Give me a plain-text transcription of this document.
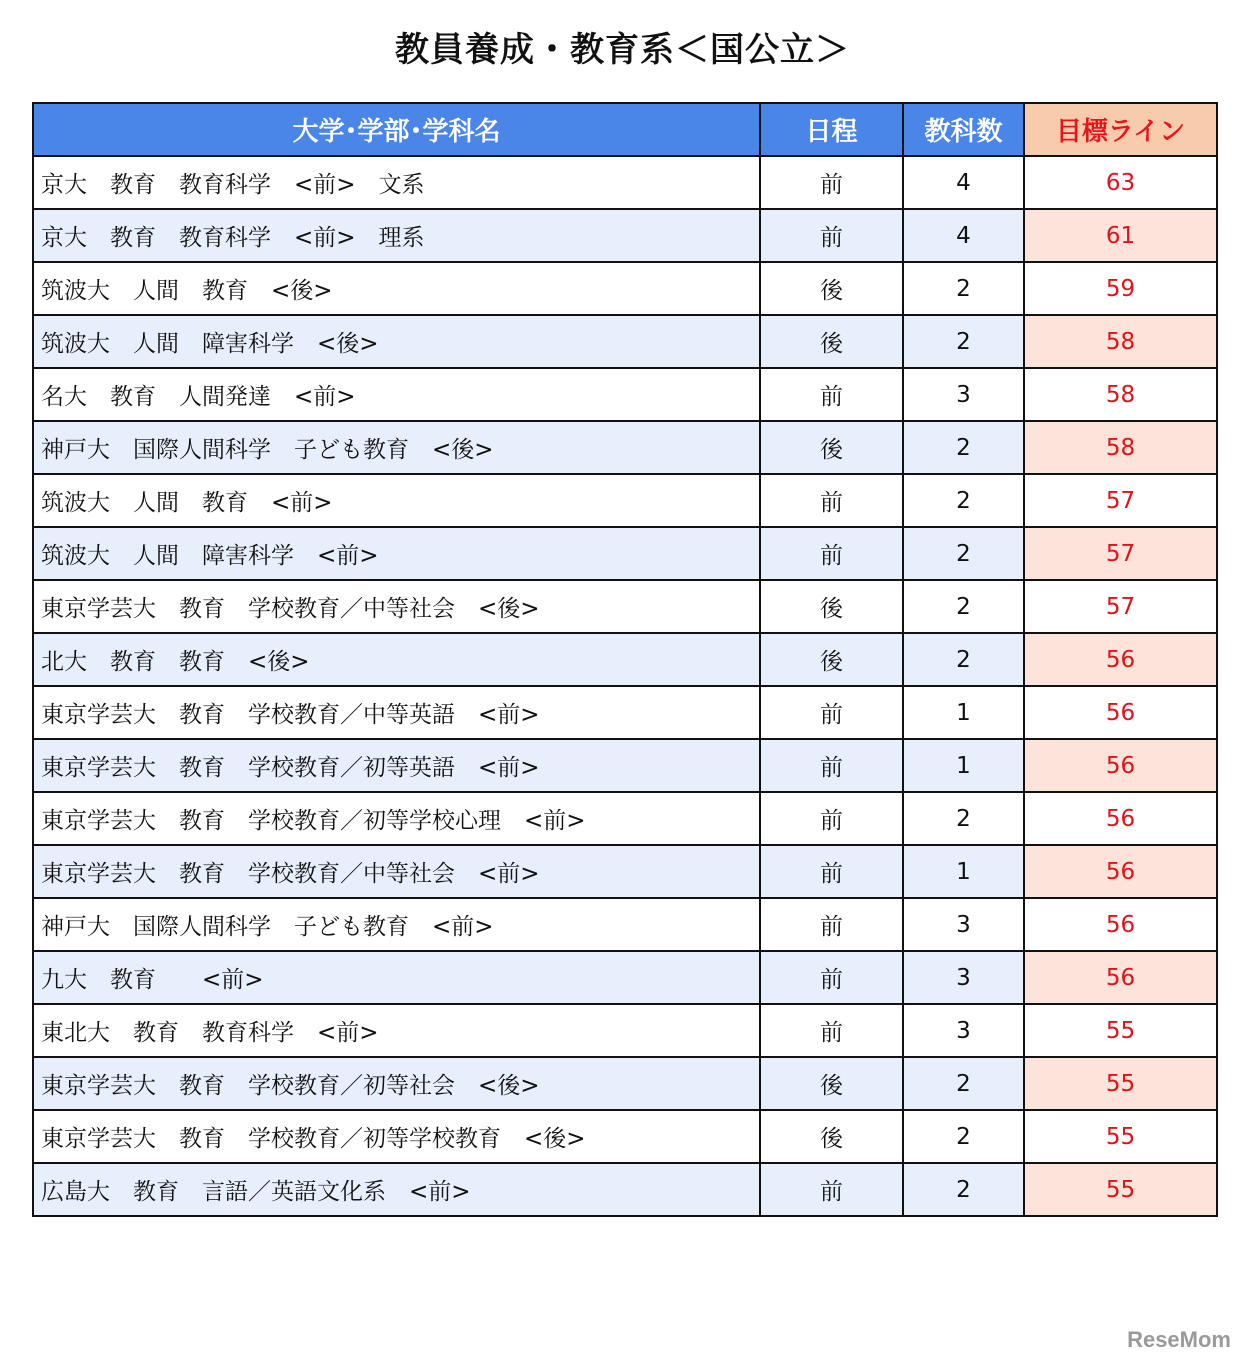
教員養成・教育系＜国公立＞
大学･学部･学科名	日程	教科数	目標ライン
京大　教育　教育科学　<前>　文系	前	4	63
京大　教育　教育科学　<前>　理系	前	4	61
筑波大　人間　教育　<後>	後	2	59
筑波大　人間　障害科学　<後>	後	2	58
名大　教育　人間発達　<前>	前	3	58
神戸大　国際人間科学　子ども教育　<後>	後	2	58
筑波大　人間　教育　<前>	前	2	57
筑波大　人間　障害科学　<前>	前	2	57
東京学芸大　教育　学校教育／中等社会　<後>	後	2	57
北大　教育　教育　<後>	後	2	56
東京学芸大　教育　学校教育／中等英語　<前>	前	1	56
東京学芸大　教育　学校教育／初等英語　<前>	前	1	56
東京学芸大　教育　学校教育／初等学校心理　<前>	前	2	56
東京学芸大　教育　学校教育／中等社会　<前>	前	1	56
神戸大　国際人間科学　子ども教育　<前>	前	3	56
九大　教育　　<前>	前	3	56
東北大　教育　教育科学　<前>	前	3	55
東京学芸大　教育　学校教育／初等社会　<後>	後	2	55
東京学芸大　教育　学校教育／初等学校教育　<後>	後	2	55
広島大　教育　言語／英語文化系　<前>	前	2	55
ReseMom
